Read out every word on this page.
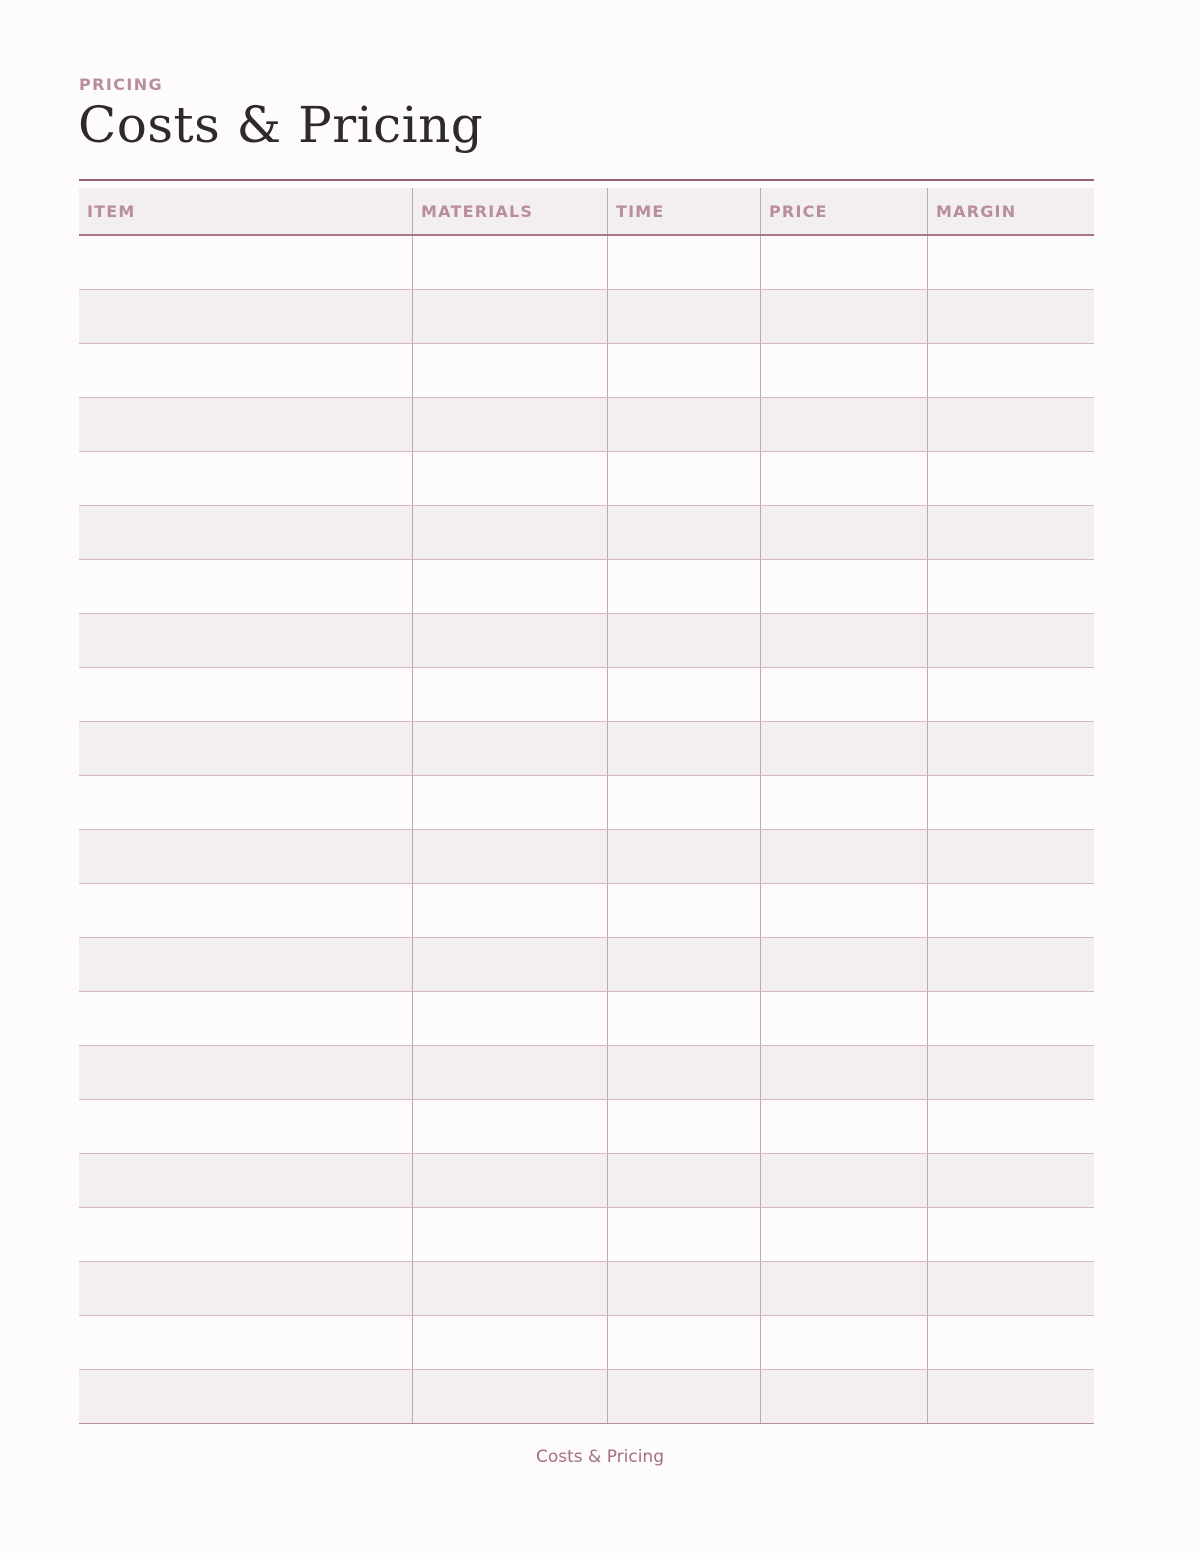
PRICING
Costs & Pricing
ITEM	MATERIALS	TIME	PRICE	MARGIN
Costs & Pricing
